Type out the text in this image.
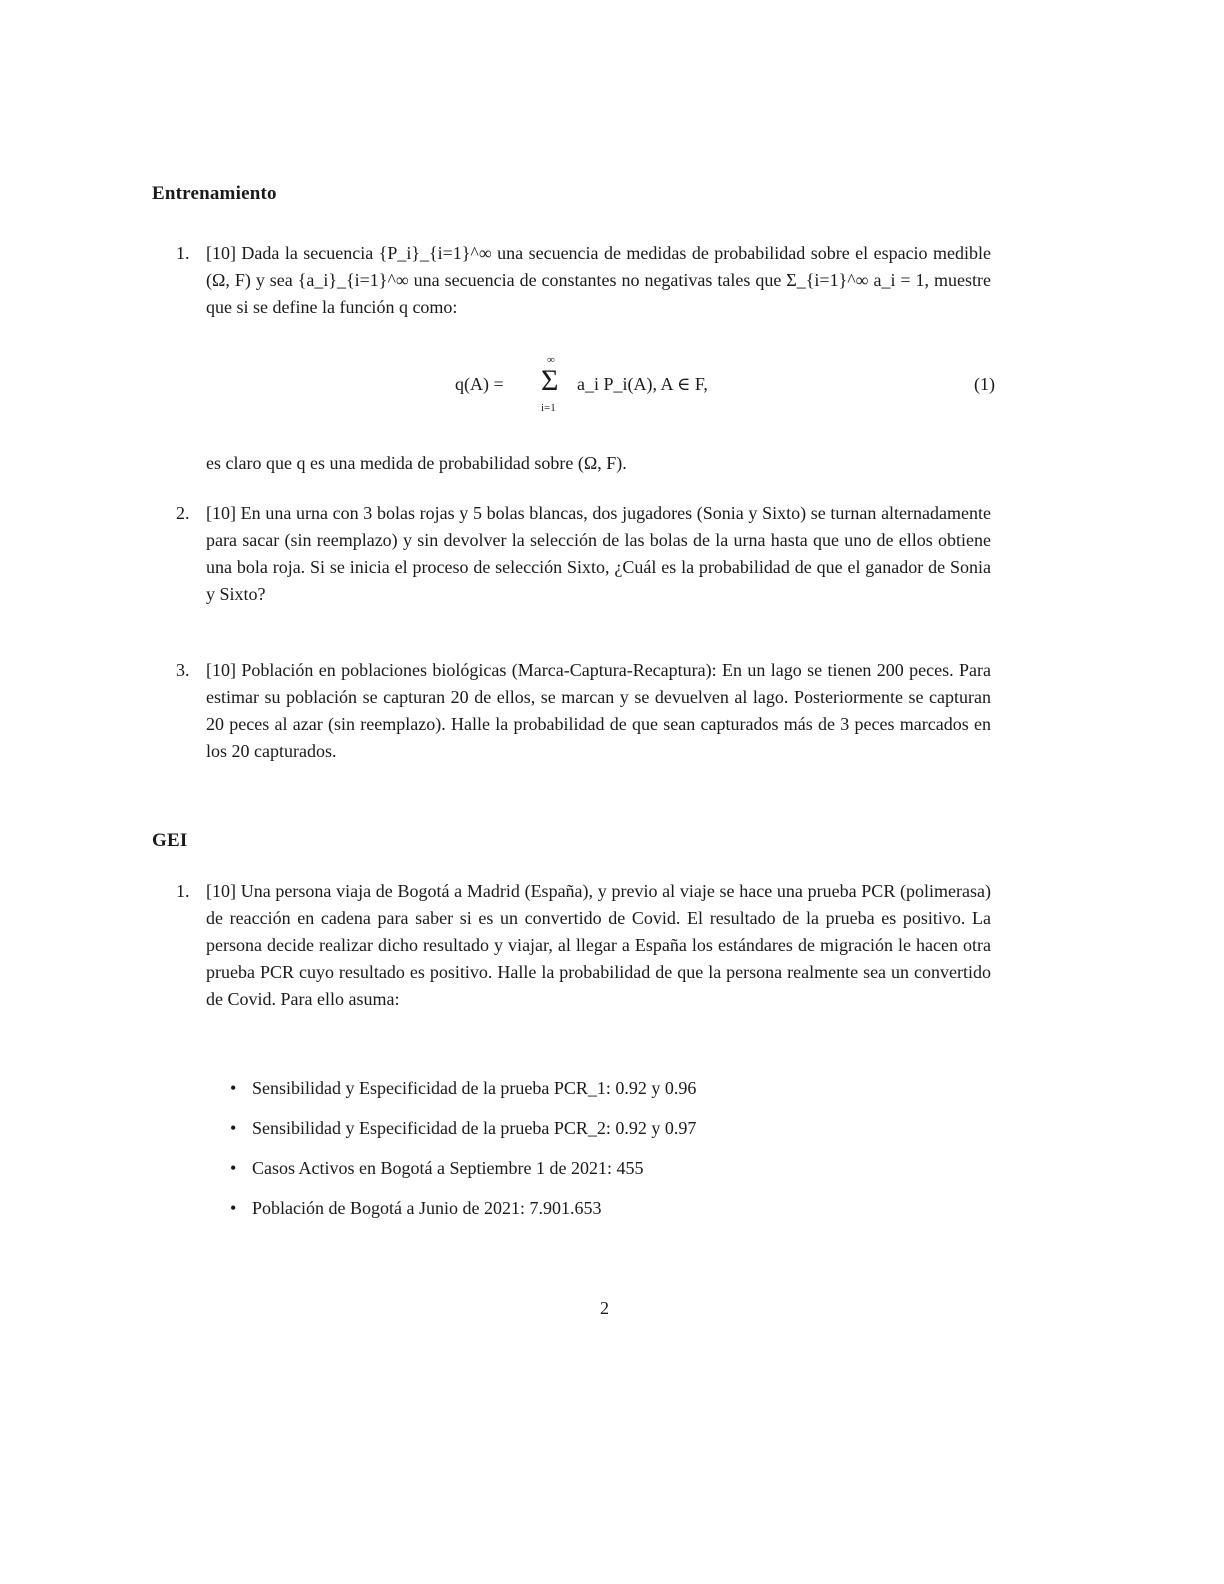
Entrenamiento
1. [10] Dada la secuencia {P_i}_{i=1}^∞ una secuencia de medidas de probabilidad sobre el espacio medible (Ω, F) y sea {a_i}_{i=1}^∞ una secuencia de constantes no negativas tales que Σ_{i=1}^∞ a_i = 1, muestre que si se define la función q como:
q(A) =
∞
Σ
i=1
a_i P_i(A), A ∈ F,	(1)
es claro que q es una medida de probabilidad sobre (Ω, F).
2. [10] En una urna con 3 bolas rojas y 5 bolas blancas, dos jugadores (Sonia y Sixto) se turnan alternadamente para sacar (sin reemplazo) y sin devolver la selección de las bolas de la urna hasta que uno de ellos obtiene una bola roja. Si se inicia el proceso de selección Sixto, ¿Cuál es la probabilidad de que el ganador de Sonia y Sixto?
3. [10] Población en poblaciones biológicas (Marca-Captura-Recaptura): En un lago se tienen 200 peces. Para estimar su población se capturan 20 de ellos, se marcan y se devuelven al lago. Posteriormente se capturan 20 peces al azar (sin reemplazo). Halle la probabilidad de que sean capturados más de 3 peces marcados en los 20 capturados.
GEI
1. [10] Una persona viaja de Bogotá a Madrid (España), y previo al viaje se hace una prueba PCR (polimerasa) de reacción en cadena para saber si es un convertido de Covid. El resultado de la prueba es positivo. La persona decide realizar dicho resultado y viajar, al llegar a España los estándares de migración le hacen otra prueba PCR cuyo resultado es positivo. Halle la probabilidad de que la persona realmente sea un convertido de Covid. Para ello asuma:
• Sensibilidad y Especificidad de la prueba PCR_1: 0.92 y 0.96
• Sensibilidad y Especificidad de la prueba PCR_2: 0.92 y 0.97
• Casos Activos en Bogotá a Septiembre 1 de 2021: 455
• Población de Bogotá a Junio de 2021: 7.901.653
2
